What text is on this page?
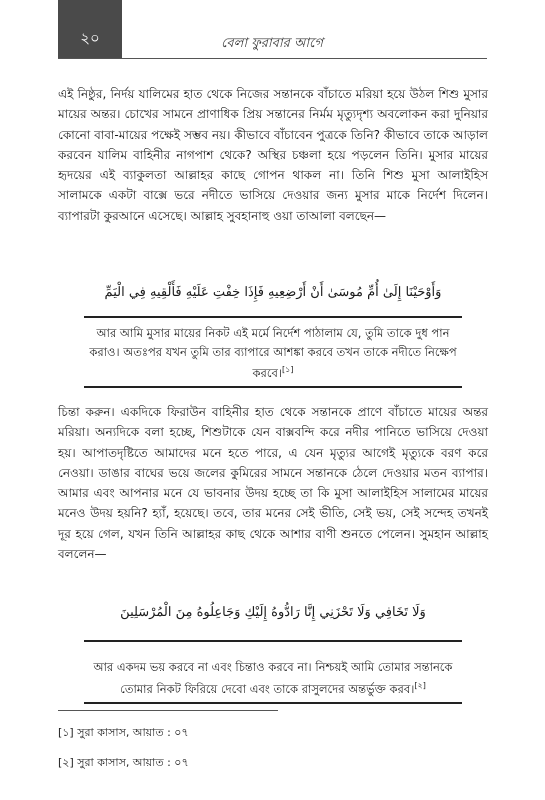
২০	বেলা ফুরাবার আগে

এই নিষ্ঠুর, নির্দয় যালিমের হাত থেকে নিজের সন্তানকে বাঁচাতে মরিয়া হয়ে উঠল শিশু মুসার মায়ের অন্তর। চোখের সামনে প্রাণাধিক প্রিয় সন্তানের নির্মম মৃত্যুদৃশ্য অবলোকন করা দুনিয়ার কোনো বাবা-মায়ের পক্ষেই সম্ভব নয়। কীভাবে বাঁচাবেন পুত্রকে তিনি? কীভাবে তাকে আড়াল করবেন যালিম বাহিনীর নাগপাশ থেকে? অস্থির চঞ্চলা হয়ে পড়লেন তিনি। মুসার মায়ের হৃদয়ের এই ব্যাকুলতা আল্লাহর কাছে গোপন থাকল না। তিনি শিশু মুসা আলাইহিস সালামকে একটা বাক্সে ভরে নদীতে ভাসিয়ে দেওয়ার জন্য মুসার মাকে নির্দেশ দিলেন। ব্যাপারটা কুরআনে এসেছে। আল্লাহ সুবহানাহু ওয়া তাআলা বলছেন—

وَأَوْحَيْنَا إِلَىٰ أُمِّ مُوسَىٰ أَنْ أَرْضِعِيهِ فَإِذَا خِفْتِ عَلَيْهِ فَأَلْقِيهِ فِي الْيَمِّ

আর আমি মুসার মায়ের নিকট এই মর্মে নির্দেশ পাঠালাম যে, তুমি তাকে দুধ পান করাও। অতঃপর যখন তুমি তার ব্যাপারে আশঙ্কা করবে তখন তাকে নদীতে নিক্ষেপ করবে।[১]

চিন্তা করুন। একদিকে ফিরাউন বাহিনীর হাত থেকে সন্তানকে প্রাণে বাঁচাতে মায়ের অন্তর মরিয়া। অন্যদিকে বলা হচ্ছে, শিশুটাকে যেন বাক্সবন্দি করে নদীর পানিতে ভাসিয়ে দেওয়া হয়। আপাতদৃষ্টিতে আমাদের মনে হতে পারে, এ যেন মৃত্যুর আগেই মৃত্যুকে বরণ করে নেওয়া। ডাঙার বাঘের ভয়ে জলের কুমিরের সামনে সন্তানকে ঠেলে দেওয়ার মতন ব্যাপার। আমার এবং আপনার মনে যে ভাবনার উদয় হচ্ছে তা কি মুসা আলাইহিস সালামের মায়ের মনেও উদয় হয়নি? হ্যাঁ, হয়েছে। তবে, তার মনের সেই ভীতি, সেই ভয়, সেই সন্দেহ তখনই দূর হয়ে গেল, যখন তিনি আল্লাহর কাছ থেকে আশার বাণী শুনতে পেলেন। সুমহান আল্লাহ বললেন—

وَلَا تَخَافِي وَلَا تَحْزَنِي إِنَّا رَادُّوهُ إِلَيْكِ وَجَاعِلُوهُ مِنَ الْمُرْسَلِينَ

আর একদম ভয় করবে না এবং চিন্তাও করবে না। নিশ্চয়ই আমি তোমার সন্তানকে তোমার নিকট ফিরিয়ে দেবো এবং তাকে রাসুলদের অন্তর্ভুক্ত করব।[২]

[১] সুরা কাসাস, আয়াত : ০৭
[২] সুরা কাসাস, আয়াত : ০৭
